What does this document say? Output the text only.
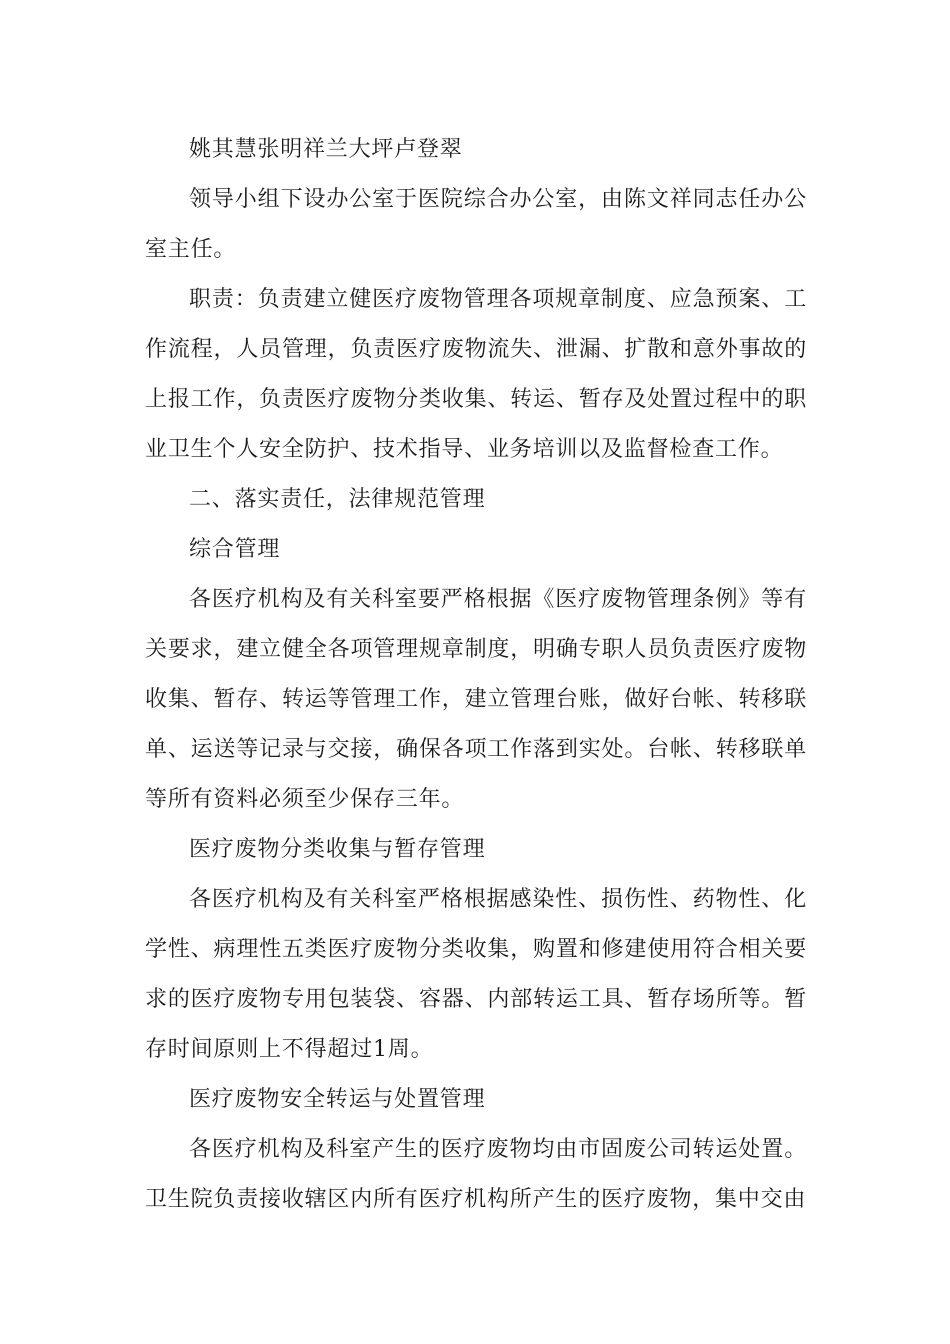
姚其慧张明祥兰大坪卢登翠

领导小组下设办公室于医院综合办公室，由陈文祥同志任办公室主任。

职责：负责建立健医疗废物管理各项规章制度、应急预案、工作流程，人员管理，负责医疗废物流失、泄漏、扩散和意外事故的上报工作，负责医疗废物分类收集、转运、暂存及处置过程中的职业卫生个人安全防护、技术指导、业务培训以及监督检查工作。

二、落实责任，法律规范管理

综合管理

各医疗机构及有关科室要严格根据《医疗废物管理条例》等有关要求，建立健全各项管理规章制度，明确专职人员负责医疗废物收集、暂存、转运等管理工作，建立管理台账，做好台帐、转移联单、运送等记录与交接，确保各项工作落到实处。台帐、转移联单等所有资料必须至少保存三年。

医疗废物分类收集与暂存管理

各医疗机构及有关科室严格根据感染性、损伤性、药物性、化学性、病理性五类医疗废物分类收集，购置和修建使用符合相关要求的医疗废物专用包装袋、容器、内部转运工具、暂存场所等。暂存时间原则上不得超过1周。

医疗废物安全转运与处置管理

各医疗机构及科室产生的医疗废物均由市固废公司转运处置。卫生院负责接收辖区内所有医疗机构所产生的医疗废物，集中交由
